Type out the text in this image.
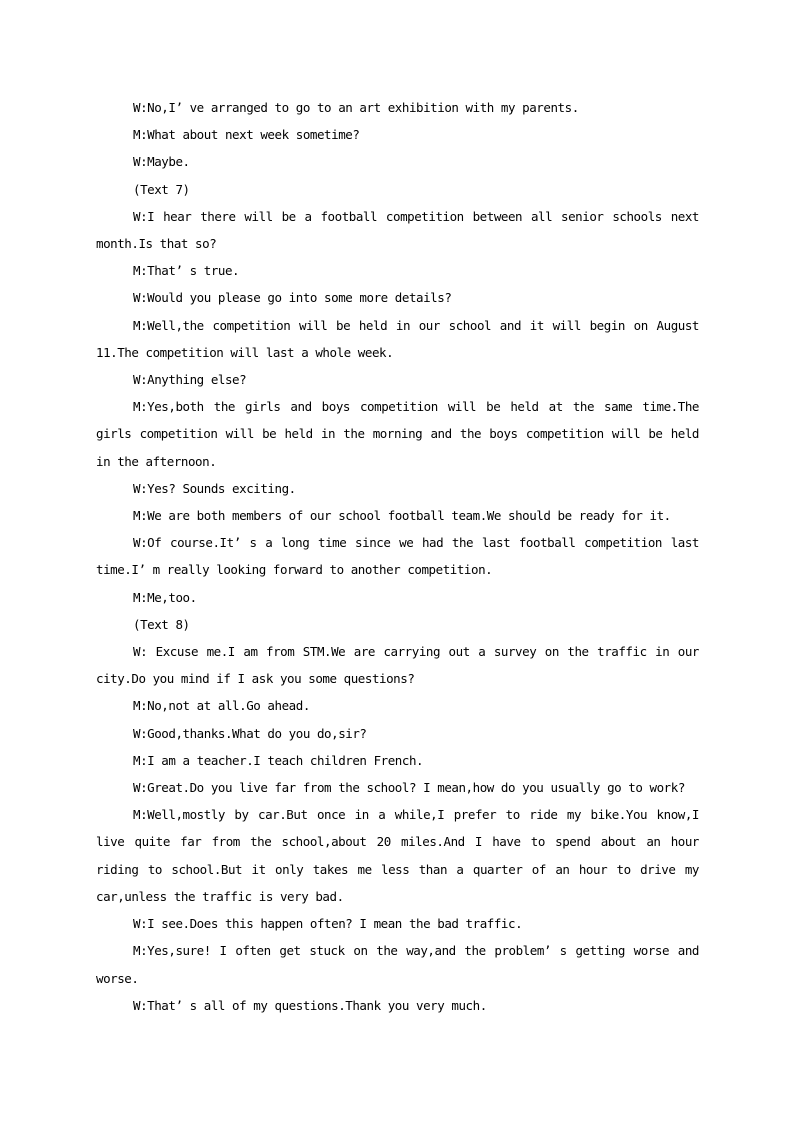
W:No,I’ ve arranged to go to an art exhibition with my parents.

M:What about next week sometime?

W:Maybe.

(Text 7)

W:I hear there will be a football competition between all senior schools next month.Is that so?

M:That’ s true.

W:Would you please go into some more details?

M:Well,the competition will be held in our school and it will begin on August 11.The competition will last a whole week.

W:Anything else?

M:Yes,both the girls and boys competition will be held at the same time.The girls competition will be held in the morning and the boys competition will be held in the afternoon.

W:Yes? Sounds exciting.

M:We are both members of our school football team.We should be ready for it.

W:Of course.It’ s a long time since we had the last football competition last time.I’ m really looking forward to another competition.

M:Me,too.

(Text 8)

W: Excuse me.I am from STM.We are carrying out a survey on the traffic in our city.Do you mind if I ask you some questions?

M:No,not at all.Go ahead.

W:Good,thanks.What do you do,sir?

M:I am a teacher.I teach children French.

W:Great.Do you live far from the school? I mean,how do you usually go to work?

M:Well,mostly by car.But once in a while,I prefer to ride my bike.You know,I live quite far from the school,about 20 miles.And I have to spend about an hour riding to school.But it only takes me less than a quarter of an hour to drive my car,unless the traffic is very bad.

W:I see.Does this happen often? I mean the bad traffic.

M:Yes,sure! I often get stuck on the way,and the problem’ s getting worse and worse.

W:That’ s all of my questions.Thank you very much.
